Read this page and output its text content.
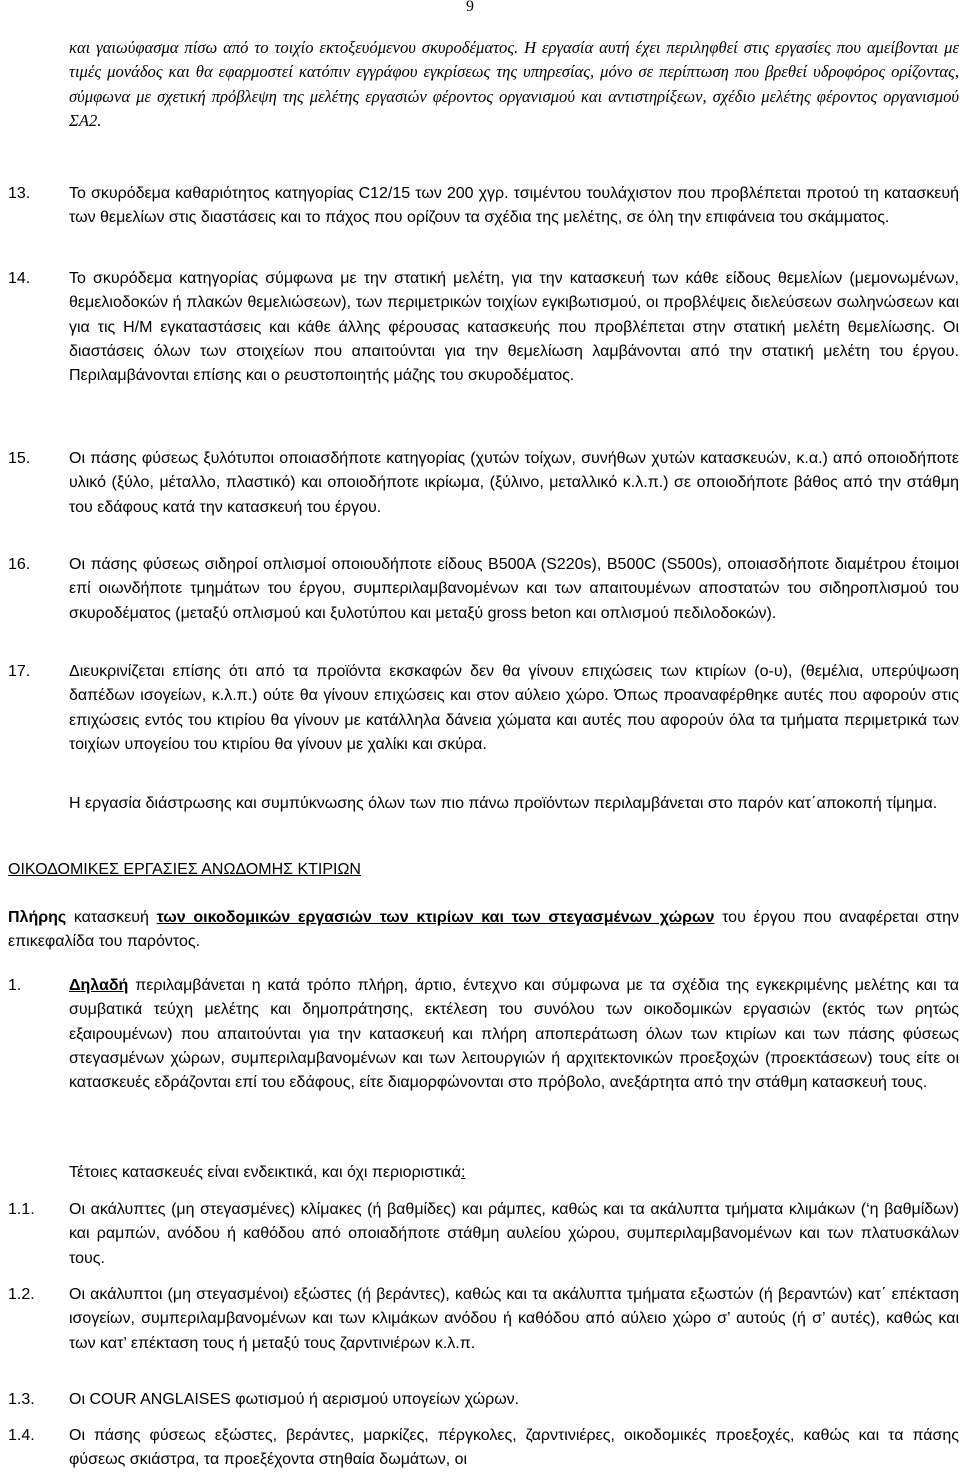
9
και γαιωύφασμα πίσω από το τοιχίο εκτοξευόμενου σκυροδέματος. Η εργασία αυτή έχει περιληφθεί στις εργασίες που αμείβονται με τιμές μονάδος και θα εφαρμοστεί κατόπιν εγγράφου εγκρίσεως της υπηρεσίας, μόνο σε περίπτωση που βρεθεί υδροφόρος ορίζοντας, σύμφωνα με σχετική πρόβλεψη της μελέτης εργασιών φέροντος οργανισμού και αντιστηρίξεων, σχέδιο μελέτης φέροντος οργανισμού ΣΑ2.
13. Το σκυρόδεμα καθαριότητος κατηγορίας C12/15 των 200 χγρ. τσιμέντου τουλάχιστον που προβλέπεται προτού τη κατασκευή των θεμελίων στις διαστάσεις και το πάχος που ορίζουν τα σχέδια της μελέτης, σε όλη την επιφάνεια του σκάμματος.
14. Το σκυρόδεμα κατηγορίας σύμφωνα με την στατική μελέτη, για την κατασκευή των κάθε είδους θεμελίων (μεμονωμένων, θεμελιοδοκών ή πλακών θεμελιώσεων), των περιμετρικών τοιχίων εγκιβωτισμού, οι προβλέψεις διελεύσεων σωληνώσεων και για τις Η/Μ εγκαταστάσεις και κάθε άλλης φέρουσας κατασκευής που προβλέπεται στην στατική μελέτη θεμελίωσης. Οι διαστάσεις όλων των στοιχείων που απαιτούνται για την θεμελίωση λαμβάνονται από την στατική μελέτη του έργου. Περιλαμβάνονται επίσης και ο ρευστοποιητής μάζης του σκυροδέματος.
15. Οι πάσης φύσεως ξυλότυποι οποιασδήποτε κατηγορίας (χυτών τοίχων, συνήθων χυτών κατασκευών, κ.α.) από οποιοδήποτε υλικό (ξύλο, μέταλλο, πλαστικό) και οποιοδήποτε ικρίωμα, (ξύλινο, μεταλλικό κ.λ.π.) σε οποιοδήποτε βάθος από την στάθμη του εδάφους κατά την κατασκευή του έργου.
16. Οι πάσης φύσεως σιδηροί οπλισμοί οποιουδήποτε είδους B500A (S220s), B500C (S500s), οποιασδήποτε διαμέτρου έτοιμοι επί οιωνδήποτε τμημάτων του έργου, συμπεριλαμβανομένων και των απαιτουμένων αποστατών του σιδηροπλισμού του σκυροδέματος (μεταξύ οπλισμού και ξυλοτύπου και μεταξύ gross beton και οπλισμού πεδιλοδοκών).
17. Διευκρινίζεται επίσης ότι από τα προϊόντα εκσκαφών δεν θα γίνουν επιχώσεις των κτιρίων (ο-υ), (θεμέλια, υπερύψωση δαπέδων ισογείων, κ.λ.π.) ούτε θα γίνουν επιχώσεις και στον αύλειο χώρο. Όπως προαναφέρθηκε αυτές που αφορούν στις επιχώσεις εντός του κτιρίου θα γίνουν με κατάλληλα δάνεια χώματα και αυτές που αφορούν όλα τα τμήματα περιμετρικά των τοιχίων υπογείου του κτιρίου θα γίνουν με χαλίκι και σκύρα.
Η εργασία διάστρωσης και συμπύκνωσης όλων των πιο πάνω προϊόντων περιλαμβάνεται στο παρόν κατ΄αποκοπή τίμημα.
ΟΙΚΟΔΟΜΙΚΕΣ ΕΡΓΑΣΙΕΣ ΑΝΩΔΟΜΗΣ ΚΤΙΡΙΩΝ
Πλήρης κατασκευή των οικοδομικών εργασιών των κτιρίων και των στεγασμένων χώρων του έργου που αναφέρεται στην επικεφαλίδα του παρόντος.
1.	Δηλαδή περιλαμβάνεται η κατά τρόπο πλήρη, άρτιο, έντεχνο και σύμφωνα με τα σχέδια της εγκεκριμένης μελέτης και τα συμβατικά τεύχη μελέτης και δημοπράτησης, εκτέλεση του συνόλου των οικοδομικών εργασιών (εκτός των ρητώς εξαιρουμένων) που απαιτούνται για την κατασκευή και πλήρη αποπεράτωση όλων των κτιρίων και των πάσης φύσεως στεγασμένων χώρων, συμπεριλαμβανομένων και των λειτουργιών ή αρχιτεκτονικών προεξοχών (προεκτάσεων) τους είτε οι κατασκευές εδράζονται επί του εδάφους, είτε διαμορφώνονται στο πρόβολο, ανεξάρτητα από την στάθμη κατασκευή τους.
Τέτοιες κατασκευές είναι ενδεικτικά, και όχι περιοριστικά:
1.1. Οι ακάλυπτες (μη στεγασμένες) κλίμακες (ή βαθμίδες) και ράμπες, καθώς και τα ακάλυπτα τμήματα κλιμάκων (‘η βαθμίδων) και ραμπών, ανόδου ή καθόδου από οποιαδήποτε στάθμη αυλείου χώρου, συμπεριλαμβανομένων και των πλατυσκάλων τους.
1.2. Οι ακάλυπτοι (μη στεγασμένοι) εξώστες (ή βεράντες), καθώς και τα ακάλυπτα τμήματα εξωστών (ή βεραντών) κατ΄ επέκταση ισογείων, συμπεριλαμβανομένων και των κλιμάκων ανόδου ή καθόδου από αύλειο χώρο σ’ αυτούς (ή σ’ αυτές), καθώς και των κατ’ επέκταση τους ή μεταξύ τους ζαρντινιέρων κ.λ.π.
1.3. Οι COUR ANGLAISES φωτισμού ή αερισμού υπογείων χώρων.
1.4. Οι πάσης φύσεως εξώστες, βεράντες, μαρκίζες, πέργκολες, ζαρντινιέρες, οικοδομικές προεξοχές, καθώς και τα πάσης φύσεως σκιάστρα, τα προεξέχοντα στηθαία δωμάτων, οι
